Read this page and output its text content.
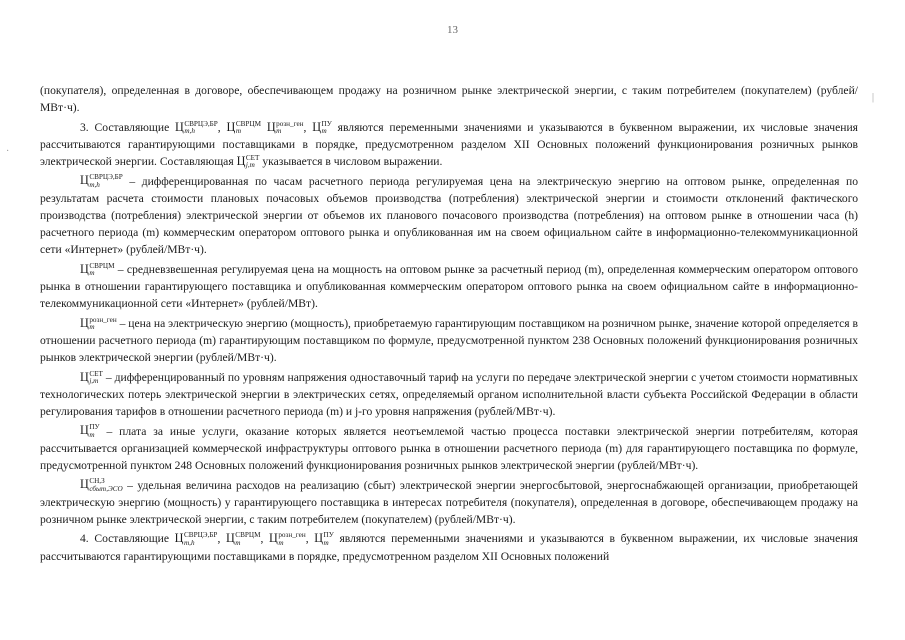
13
|
·

(покупателя), определенная в договоре, обеспечивающем продажу на розничном рынке электрической энергии, с таким потребителем (покупателем) (рублей/МВт·ч).

3. Составляющие Ц СВРЦЭ,БР
m,h	, Ц СВРЦМ
m	Ц розн_ген
m	, Ц ПУ
m являются переменными значениями и указываются в буквенном выражении, их числовые значения рассчитываются гарантирующими поставщиками в порядке, предусмотренном разделом XII Основных положений функционирования розничных рынков электрической энергии. Составляющая Ц СЕТ
j,m указывается в числовом выражении.

Ц СВРЦЭ,БР
m,h	– дифференцированная по часам расчетного периода регулируемая цена на электрическую энергию на оптовом рынке, определенная по результатам расчета стоимости плановых почасовых объемов производства (потребления) электрической энергии и стоимости отклонений фактического производства (потребления) электрической энергии от объемов их планового почасового производства (потребления) на оптовом рынке в отношении часа (h) расчетного периода (m) коммерческим оператором оптового рынка и опубликованная им на своем официальном сайте в информационно-телекоммуникационной сети «Интернет» (рублей/МВт·ч).

Ц СВРЦМ
m	– средневзвешенная регулируемая цена на мощность на оптовом рынке за расчетный период (m), определенная коммерческим оператором оптового рынка в отношении гарантирующего поставщика и опубликованная коммерческим оператором оптового рынка на своем официальном сайте в информационно-телекоммуникационной сети «Интернет» (рублей/МВт).

Ц розн_ген
m	– цена на электрическую энергию (мощность), приобретаемую гарантирующим поставщиком на розничном рынке, значение которой определяется в отношении расчетного периода (m) гарантирующим поставщиком по формуле, предусмотренной пунктом 238 Основных положений функционирования розничных рынков электрической энергии (рублей/МВт·ч).

Ц СЕТ
j,m – дифференцированный по уровням напряжения одноставочный тариф на услуги по передаче электрической энергии с учетом стоимости нормативных технологических потерь электрической энергии в электрических сетях, определяемый органом исполнительной власти субъекта Российской Федерации в области регулирования тарифов в отношении расчетного периода (m) и j-го уровня напряжения (рублей/МВт·ч).

Ц ПУ
m – плата за иные услуги, оказание которых является неотъемлемой частью процесса поставки электрической энергии потребителям, которая рассчитывается организацией коммерческой инфраструктуры оптового рынка в отношении расчетного периода (m) для гарантирующего поставщика по формуле, предусмотренной пунктом 248 Основных положений функционирования розничных рынков электрической энергии (рублей/МВт·ч).

Ц СН,З
сбыт,ЭСО – удельная величина расходов на реализацию (сбыт) электрической энергии энергосбытовой, энергоснабжающей организации, приобретающей электрическую энергию (мощность) у гарантирующего поставщика в интересах потребителя (покупателя), определенная в договоре, обеспечивающем продажу на розничном рынке электрической энергии, с таким потребителем (покупателем) (рублей/МВт·ч).

4. Составляющие Ц СВРЦЭ,БР
m,h	, Ц СВРЦМ
m	, Ц розн_ген
m	, Ц ПУ
m являются переменными значениями и указываются в буквенном выражении, их числовые значения рассчитываются гарантирующими поставщиками в порядке, предусмотренном разделом XII Основных положений
